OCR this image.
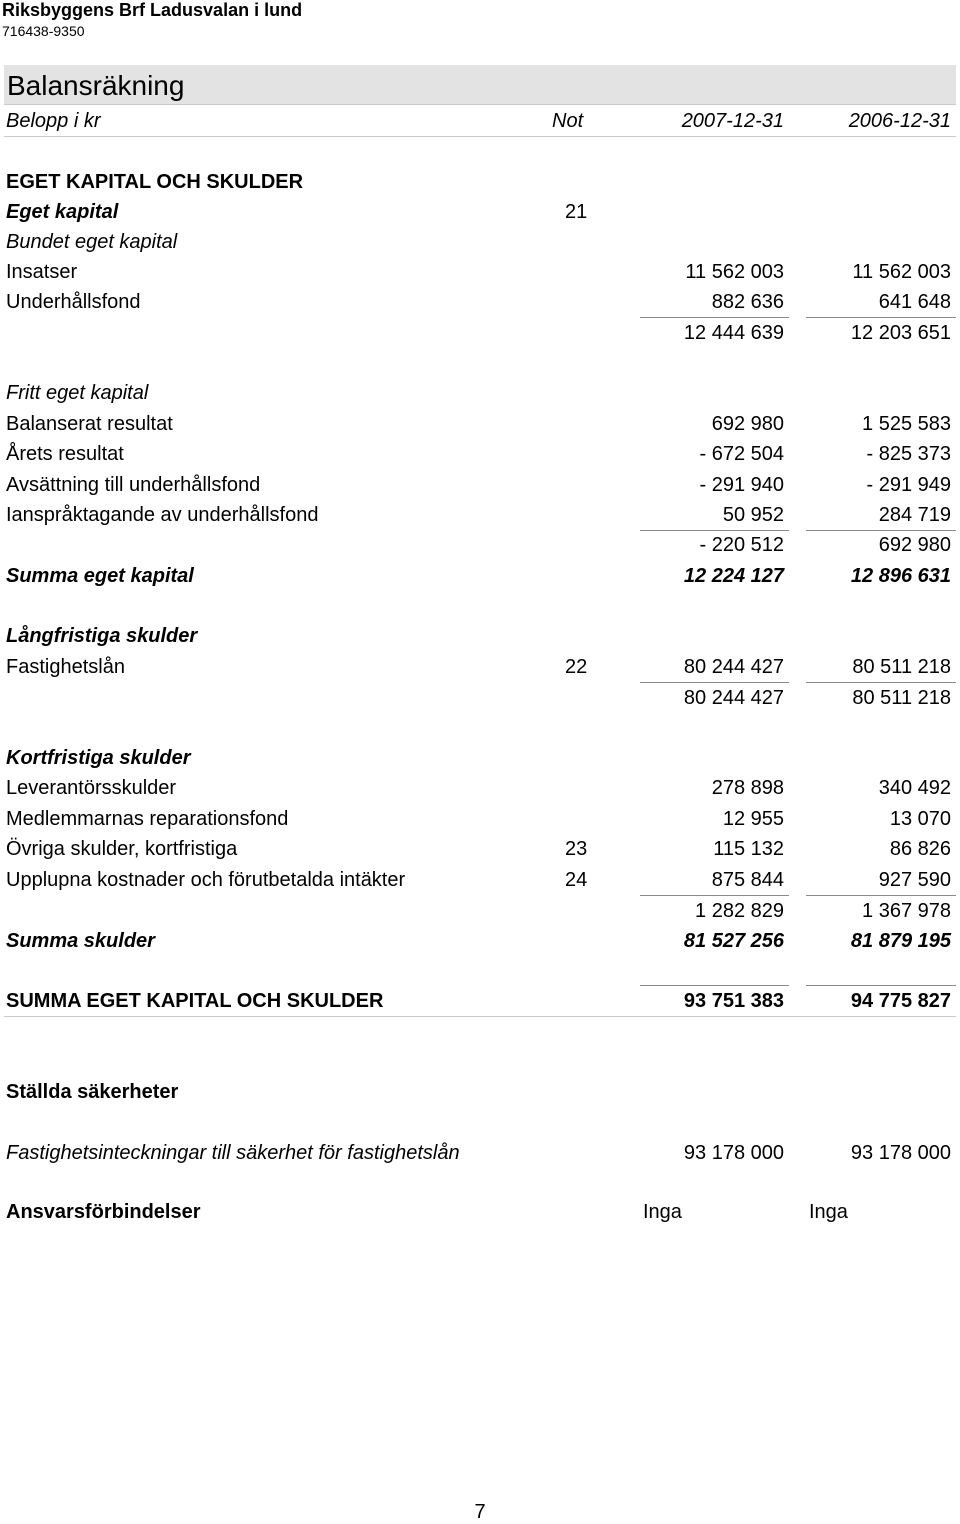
Riksbyggens Brf Ladusvalan i lund
716438-9350
Balansräkning
Belopp i kr	Not	2007-12-31	2006-12-31
EGET KAPITAL OCH SKULDER
Eget kapital	21
Bundet eget kapital
Insatser	11 562 003	11 562 003
Underhållsfond	882 636	641 648
12 444 639	12 203 651
Fritt eget kapital
Balanserat resultat	692 980	1 525 583
Årets resultat	- 672 504	- 825 373
Avsättning till underhållsfond	- 291 940	- 291 949
Ianspråktagande av underhållsfond	50 952	284 719
- 220 512	692 980
Summa eget kapital	12 224 127	12 896 631
Långfristiga skulder
Fastighetslån	22	80 244 427	80 511 218
80 244 427	80 511 218
Kortfristiga skulder
Leverantörsskulder	278 898	340 492
Medlemmarnas reparationsfond	12 955	13 070
Övriga skulder, kortfristiga	23	115 132	86 826
Upplupna kostnader och förutbetalda intäkter	24	875 844	927 590
1 282 829	1 367 978
Summa skulder	81 527 256	81 879 195
SUMMA EGET KAPITAL OCH SKULDER	93 751 383	94 775 827
Ställda säkerheter
Fastighetsinteckningar till säkerhet för fastighetslån	93 178 000	93 178 000
Ansvarsförbindelser	Inga	Inga
7
